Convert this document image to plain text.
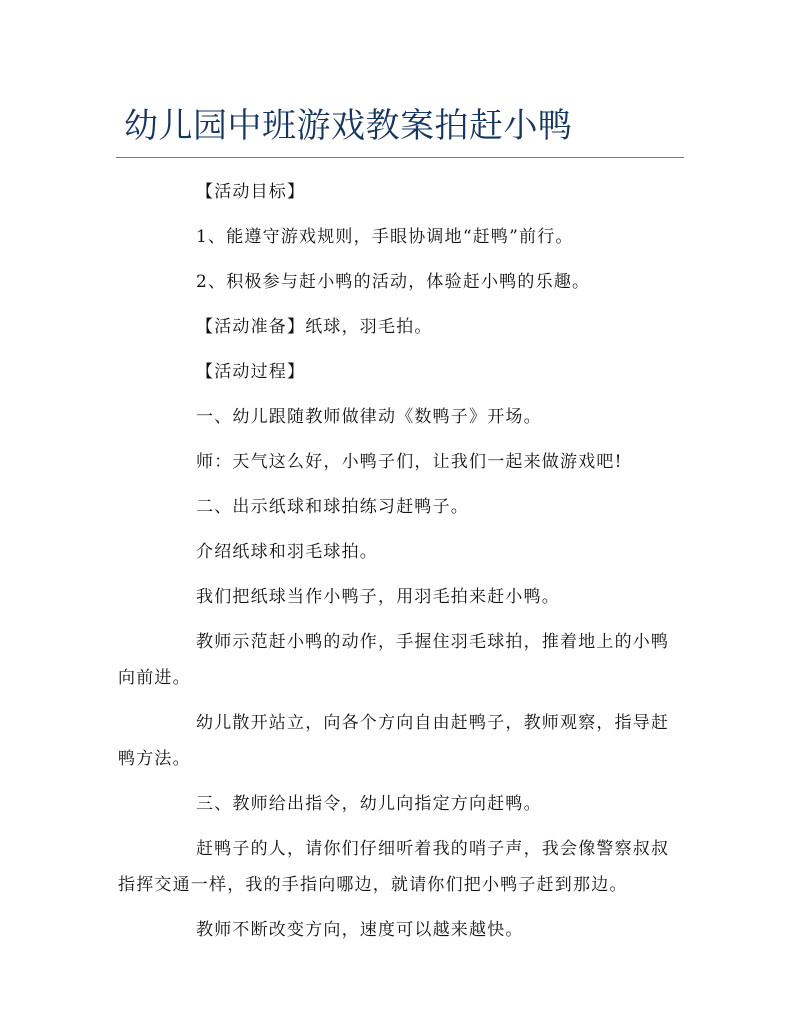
幼儿园中班游戏教案拍赶小鸭

【活动目标】

1、能遵守游戏规则，手眼协调地“赶鸭”前行。

2、积极参与赶小鸭的活动，体验赶小鸭的乐趣。

【活动准备】纸球，羽毛拍。

【活动过程】

一、幼儿跟随教师做律动《数鸭子》开场。

师：天气这么好，小鸭子们，让我们一起来做游戏吧!

二、出示纸球和球拍练习赶鸭子。

介绍纸球和羽毛球拍。

我们把纸球当作小鸭子，用羽毛拍来赶小鸭。

教师示范赶小鸭的动作，手握住羽毛球拍，推着地上的小鸭向前进。

幼儿散开站立，向各个方向自由赶鸭子，教师观察，指导赶鸭方法。

三、教师给出指令，幼儿向指定方向赶鸭。

赶鸭子的人，请你们仔细听着我的哨子声，我会像警察叔叔指挥交通一样，我的手指向哪边，就请你们把小鸭子赶到那边。

教师不断改变方向，速度可以越来越快。
